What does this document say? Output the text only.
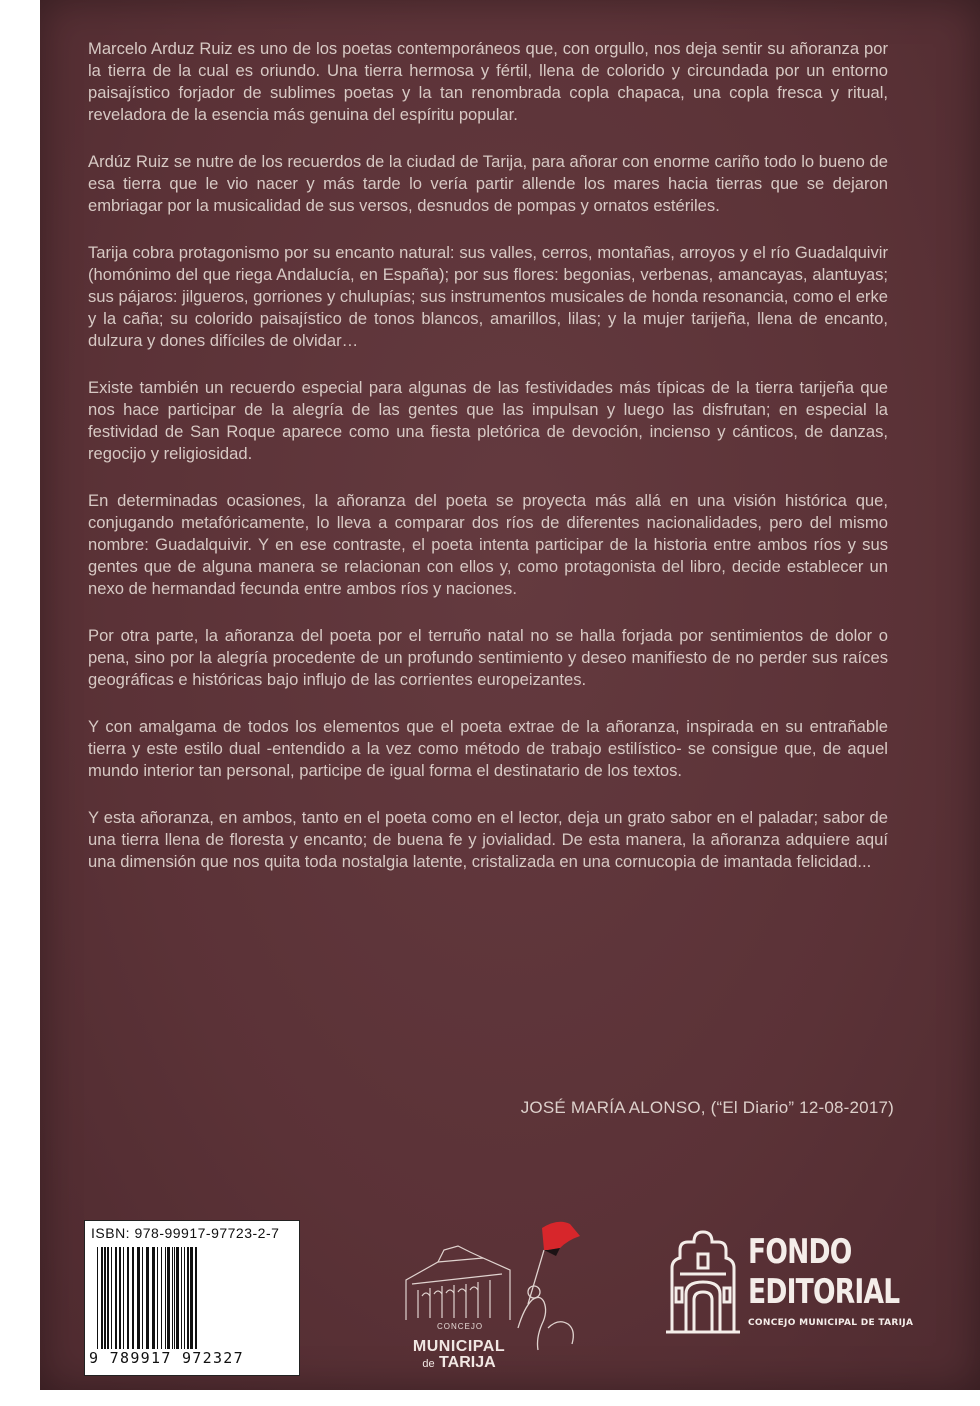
Marcelo Arduz Ruiz es uno de los poetas contemporáneos que, con orgullo, nos deja sentir su añoranza por la tierra de la cual es oriundo. Una tierra hermosa y fértil, llena de colorido y circundada por un entorno paisajístico forjador de sublimes poetas y la tan renombrada copla chapaca, una copla fresca y ritual, reveladora de la esencia más genuina del espíritu popular.

Ardúz Ruiz se nutre de los recuerdos de la ciudad de Tarija, para añorar con enorme cariño todo lo bueno de esa tierra que le vio nacer y más tarde lo vería partir allende los mares hacia tierras que se dejaron embriagar por la musicalidad de sus versos, desnudos de pompas y ornatos estériles.

Tarija cobra protagonismo por su encanto natural: sus valles, cerros, montañas, arroyos y el río Guadalquivir (homónimo del que riega Andalucía, en España); por sus flores: begonias, verbenas, amancayas, alantuyas; sus pájaros: jilgueros, gorriones y chulupías; sus instrumentos musicales de honda resonancia, como el erke y la caña; su colorido paisajístico de tonos blancos, amarillos, lilas; y la mujer tarijeña, llena de encanto, dulzura y dones difíciles de olvidar…

Existe también un recuerdo especial para algunas de las festividades más típicas de la tierra tarijeña que nos hace participar de la alegría de las gentes que las impulsan y luego las disfrutan; en especial la festividad de San Roque aparece como una fiesta pletórica de devoción, incienso y cánticos, de danzas, regocijo y religiosidad.

En determinadas ocasiones, la añoranza del poeta se proyecta más allá en una visión histórica que, conjugando metafóricamente, lo lleva a comparar dos ríos de diferentes nacionalidades, pero del mismo nombre: Guadalquivir. Y en ese contraste, el poeta intenta participar de la historia entre ambos ríos y sus gentes que de alguna manera se relacionan con ellos y, como protagonista del libro, decide establecer un nexo de hermandad fecunda entre ambos ríos y naciones.

Por otra parte, la añoranza del poeta por el terruño natal no se halla forjada por sentimientos de dolor o pena, sino por la alegría procedente de un profundo sentimiento y deseo manifiesto de no perder sus raíces geográficas e históricas bajo influjo de las corrientes europeizantes.

Y con amalgama de todos los elementos que el poeta extrae de la añoranza, inspirada en su entrañable tierra y este estilo dual -entendido a la vez como método de trabajo estilístico- se consigue que, de aquel mundo interior tan personal, participe de igual forma el destinatario de los textos.

Y esta añoranza, en ambos, tanto en el poeta como en el lector, deja un grato sabor en el paladar; sabor de una tierra llena de floresta y encanto; de buena fe y jovialidad. De esta manera, la añoranza adquiere aquí una dimensión que nos quita toda nostalgia latente, cristalizada en una cornucopia de imantada felicidad...

JOSÉ MARÍA ALONSO, (“El Diario” 12-08-2017)
ISBN: 978-99917-97723-2-7
9 789917 972327
CONCEJO
MUNICIPAL
de TARIJA
FONDO
EDITORIAL
CONCEJO MUNICIPAL DE TARIJA
